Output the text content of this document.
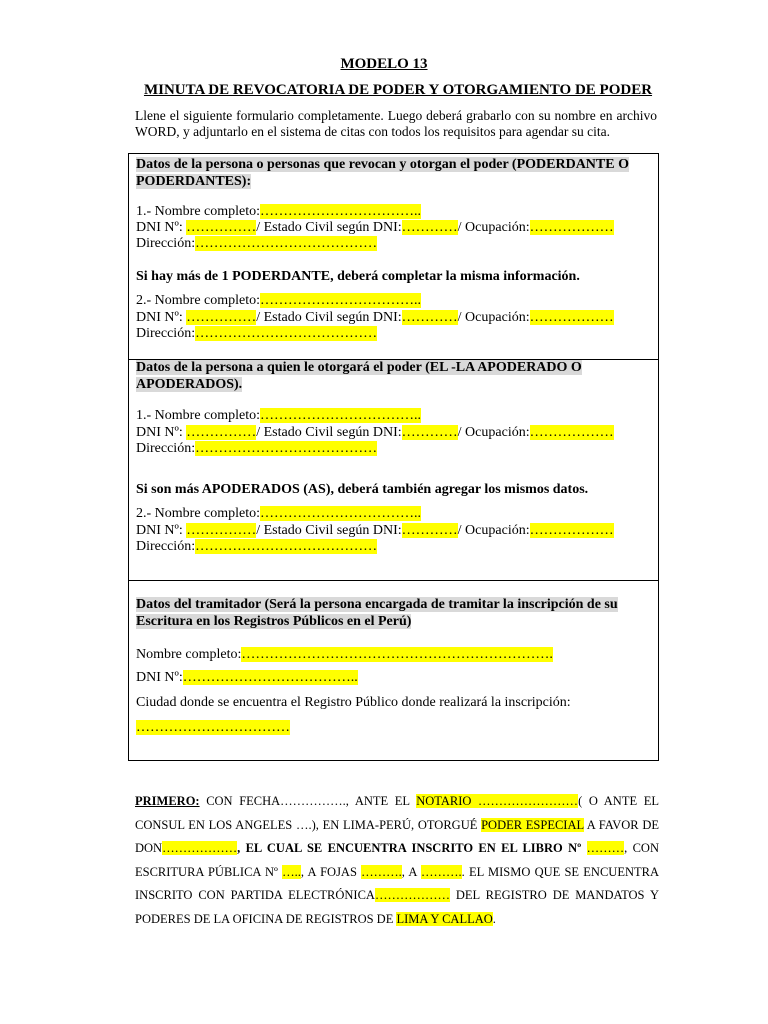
MODELO 13
MINUTA DE REVOCATORIA DE PODER Y OTORGAMIENTO DE PODER
Llene el siguiente formulario completamente. Luego deberá grabarlo con su nombre en archivo WORD, y adjuntarlo en el sistema de citas con todos los requisitos para agendar su cita.
Datos de la persona o personas que revocan y otorgan el poder (PODERDANTE O PODERDANTES):
1.- Nombre completo:……………………………..
DNI Nº: ……………/ Estado Civil según DNI:…………/ Ocupación:………………
Dirección:…………………………………
Si hay más de 1 PODERDANTE, deberá completar la misma información.
2.- Nombre completo:……………………………..
DNI Nº: ……………/ Estado Civil según DNI:…………/ Ocupación:………………
Dirección:…………………………………
Datos de la persona a quien le otorgará el poder (EL -LA APODERADO O APODERADOS).
1.- Nombre completo:……………………………..
DNI Nº: ……………/ Estado Civil según DNI:…………/ Ocupación:………………
Dirección:…………………………………
Si son más APODERADOS (AS), deberá también agregar los mismos datos.
2.- Nombre completo:……………………………..
DNI Nº: ……………/ Estado Civil según DNI:…………/ Ocupación:………………
Dirección:…………………………………
Datos del tramitador (Será la persona encargada de tramitar la inscripción de su Escritura en los Registros Públicos en el Perú)
Nombre completo:………………………………………………………….
DNI Nº:………………………………..
Ciudad donde se encuentra el Registro Público donde realizará la inscripción:
……………………………
PRIMERO: CON FECHA……………., ANTE EL NOTARIO ……………………( O ANTE EL CONSUL EN LOS ANGELES ….), EN LIMA-PERÚ, OTORGUÉ PODER ESPECIAL A FAVOR DE DON………………, EL CUAL SE ENCUENTRA INSCRITO EN EL LIBRO Nº ………, CON ESCRITURA PÚBLICA Nº ….., A FOJAS ………., A ……….. EL MISMO QUE SE ENCUENTRA INSCRITO CON PARTIDA ELECTRÓNICA……………… DEL REGISTRO DE MANDATOS Y PODERES DE LA OFICINA DE REGISTROS DE LIMA Y CALLAO.
